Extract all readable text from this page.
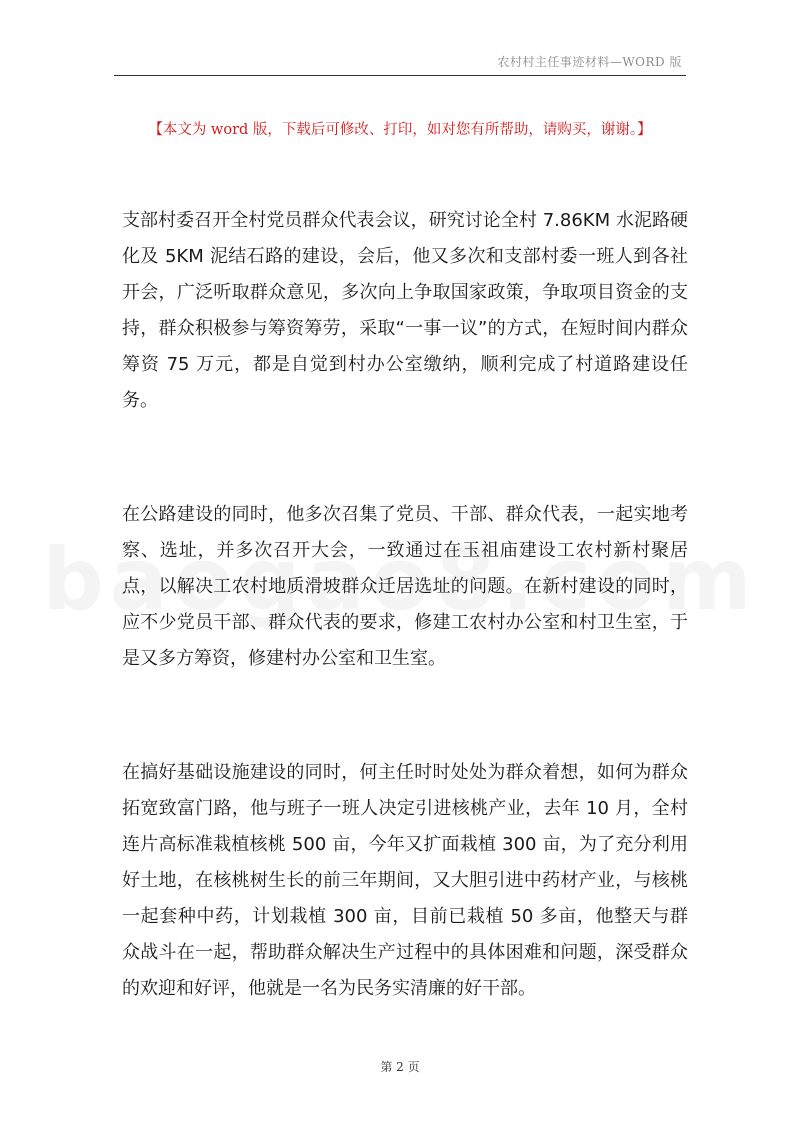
农村村主任事迹材料—WORD 版
【本文为 word 版，下载后可修改、打印，如对您有所帮助，请购买，谢谢。】
支部村委召开全村党员群众代表会议，研究讨论全村 7.86KM 水泥路硬化及 5KM 泥结石路的建设，会后，他又多次和支部村委一班人到各社开会，广泛听取群众意见，多次向上争取国家政策，争取项目资金的支持，群众积极参与筹资筹劳，采取“一事一议”的方式，在短时间内群众筹资 75 万元，都是自觉到村办公室缴纳，顺利完成了村道路建设任务。
在公路建设的同时，他多次召集了党员、干部、群众代表，一起实地考察、选址，并多次召开大会，一致通过在玉祖庙建设工农村新村聚居点，以解决工农村地质滑坡群众迁居选址的问题。在新村建设的同时，应不少党员干部、群众代表的要求，修建工农村办公室和村卫生室，于是又多方筹资，修建村办公室和卫生室。
在搞好基础设施建设的同时，何主任时时处处为群众着想，如何为群众拓宽致富门路，他与班子一班人决定引进核桃产业，去年 10 月，全村连片高标准栽植核桃 500 亩，今年又扩面栽植 300 亩，为了充分利用好土地，在核桃树生长的前三年期间，又大胆引进中药材产业，与核桃一起套种中药，计划栽植 300 亩，目前已栽植 50 多亩，他整天与群众战斗在一起，帮助群众解决生产过程中的具体困难和问题，深受群众的欢迎和好评，他就是一名为民务实清廉的好干部。
第 2 页
